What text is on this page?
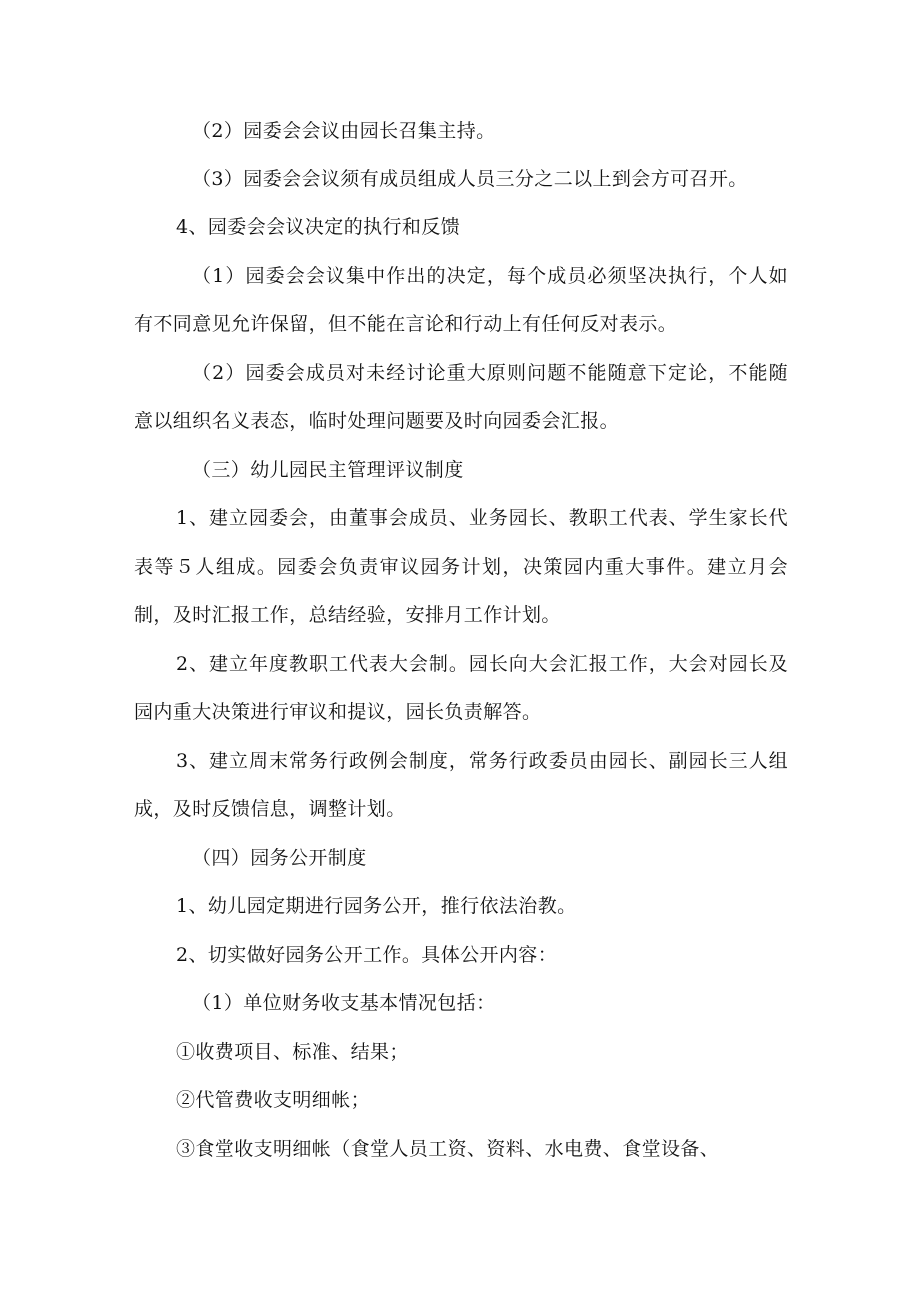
（2）园委会会议由园长召集主持。
（3）园委会会议须有成员组成人员三分之二以上到会方可召开。
4、园委会会议决定的执行和反馈
（1）园委会会议集中作出的决定，每个成员必须坚决执行，个人如
有不同意见允许保留，但不能在言论和行动上有任何反对表示。
（2）园委会成员对未经讨论重大原则问题不能随意下定论，不能随
意以组织名义表态，临时处理问题要及时向园委会汇报。
（三）幼儿园民主管理评议制度
1、建立园委会，由董事会成员、业务园长、教职工代表、学生家长代
表等５人组成。园委会负责审议园务计划，决策园内重大事件。建立月会
制，及时汇报工作，总结经验，安排月工作计划。
2、建立年度教职工代表大会制。园长向大会汇报工作，大会对园长及
园内重大决策进行审议和提议，园长负责解答。
3、建立周末常务行政例会制度，常务行政委员由园长、副园长三人组
成，及时反馈信息，调整计划。
（四）园务公开制度
1、幼儿园定期进行园务公开，推行依法治教。
2、切实做好园务公开工作。具体公开内容：
（1）单位财务收支基本情况包括：
①收费项目、标准、结果；
②代管费收支明细帐；
③食堂收支明细帐（食堂人员工资、资料、水电费、食堂设备、
